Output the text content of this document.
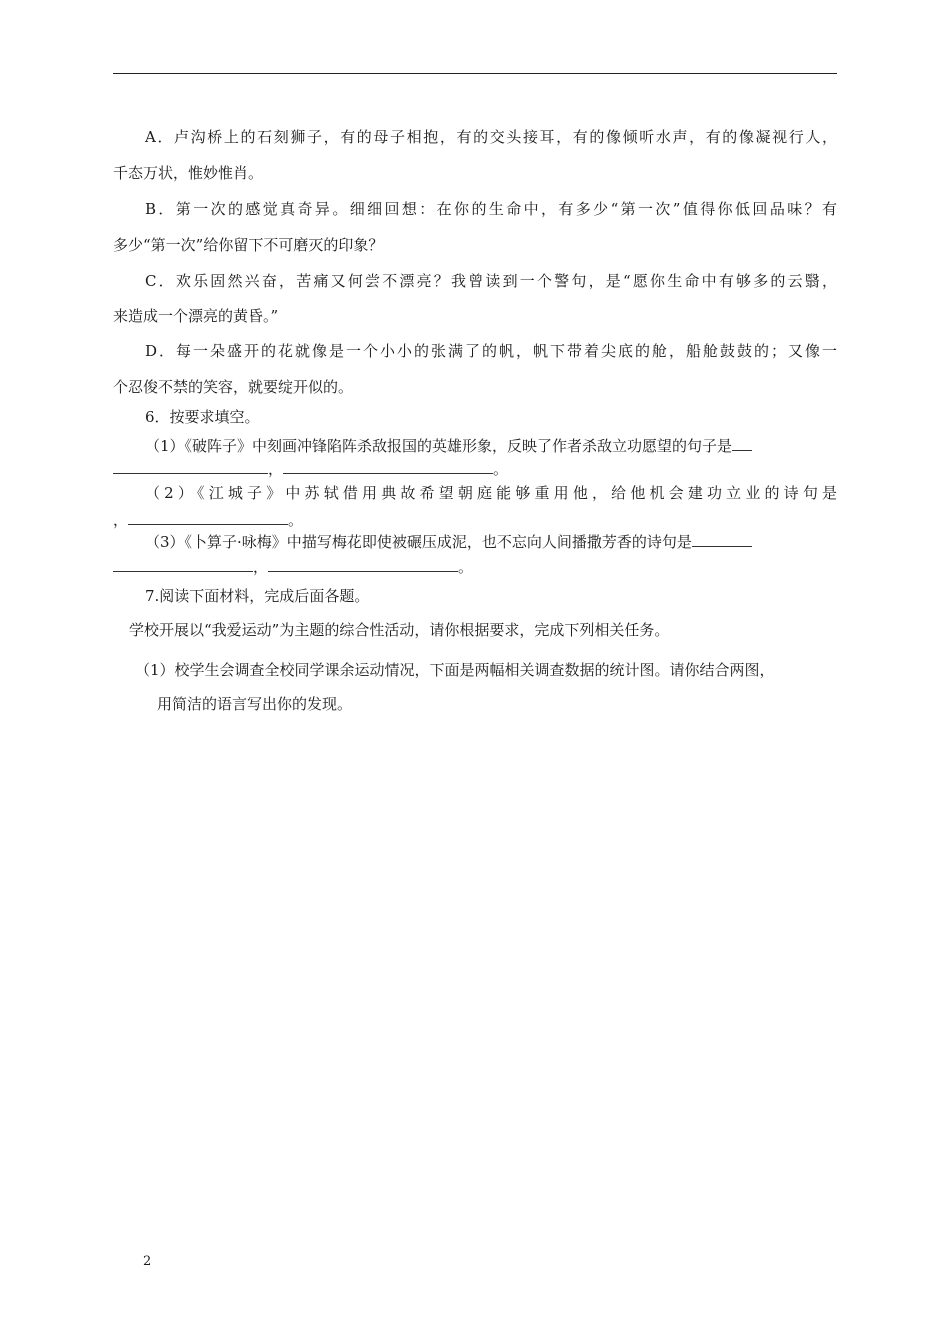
A．卢沟桥上的石刻狮子，有的母子相抱，有的交头接耳，有的像倾听水声，有的像凝视行人，
千态万状，惟妙惟肖。
B．第一次的感觉真奇异。细细回想：在你的生命中，有多少“第一次”值得你低回品味？有
多少“第一次”给你留下不可磨灭的印象？
C．欢乐固然兴奋，苦痛又何尝不漂亮？我曾读到一个警句，是“愿你生命中有够多的云翳，
来造成一个漂亮的黄昏。”
D．每一朵盛开的花就像是一个小小的张满了的帆，帆下带着尖底的舱，船舱鼓鼓的；又像一
个忍俊不禁的笑容，就要绽开似的。
6．按要求填空。
（1）《破阵子》中刻画冲锋陷阵杀敌报国的英雄形象，反映了作者杀敌立功愿望的句子是
，	。
（2）《江城子》中苏轼借用典故希望朝庭能够重用他，给他机会建功立业的诗句是
，	。
（3）《卜算子·咏梅》中描写梅花即使被碾压成泥，也不忘向人间播撒芳香的诗句是
，	。
7.阅读下面材料，完成后面各题。
学校开展以“我爱运动”为主题的综合性活动，请你根据要求，完成下列相关任务。
（1）校学生会调查全校同学课余运动情况，下面是两幅相关调查数据的统计图。请你结合两图，
用简洁的语言写出你的发现。
2
